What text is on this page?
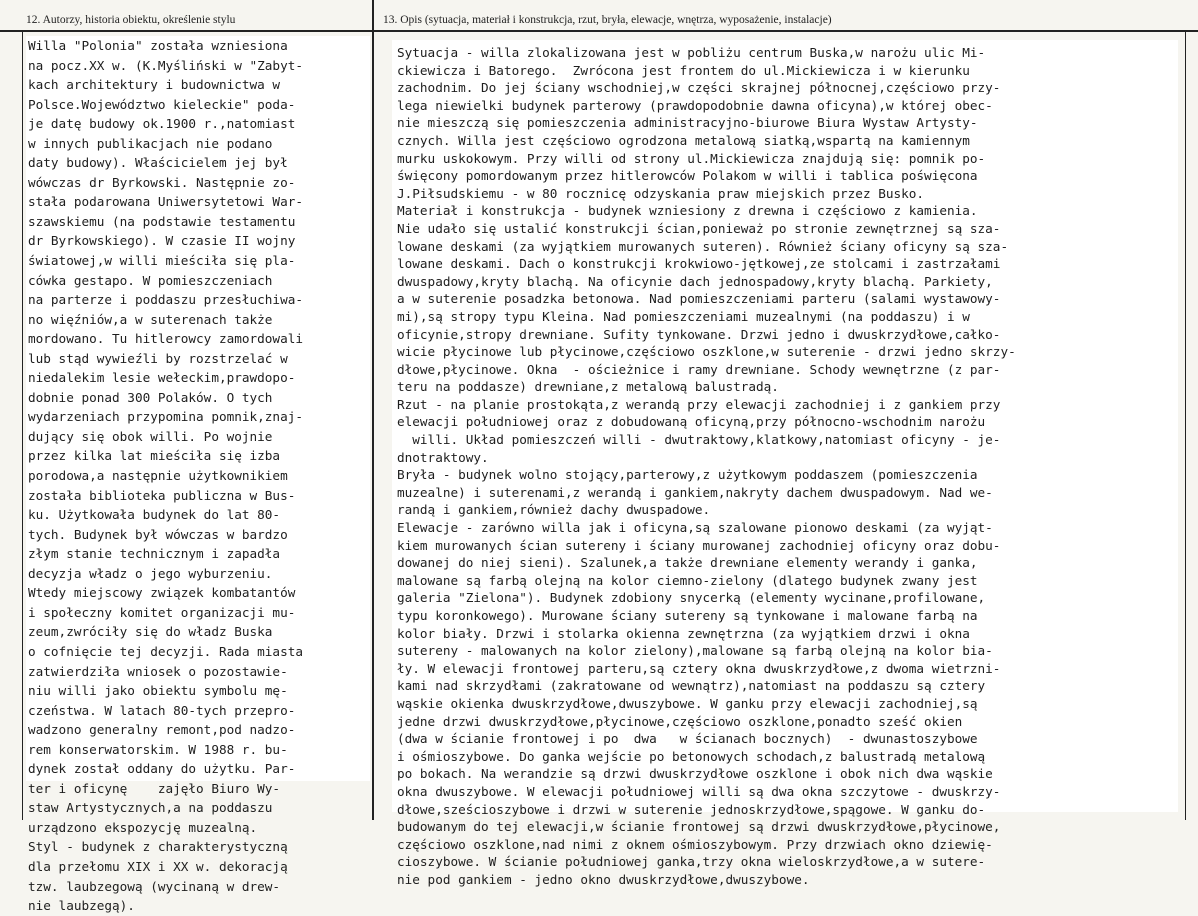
12. Autorzy, historia obiektu, określenie stylu	13. Opis (sytuacja, materiał i konstrukcja, rzut, bryła, elewacje, wnętrza, wyposażenie, instalacje)
Willa "Polonia" została wzniesiona
na pocz.XX w. (K.Myśliński w "Zabyt-
kach architektury i budownictwa w
Polsce.Województwo kieleckie" poda-
je datę budowy ok.1900 r.,natomiast
w innych publikacjach nie podano
daty budowy). Właścicielem jej był
wówczas dr Byrkowski. Następnie zo-
stała podarowana Uniwersytetowi War-
szawskiemu (na podstawie testamentu
dr Byrkowskiego). W czasie II wojny
światowej,w willi mieściła się pla-
cówka gestapo. W pomieszczeniach
na parterze i poddaszu przesłuchiwa-
no więźniów,a w suterenach także
mordowano. Tu hitlerowcy zamordowali
lub stąd wywieźli by rozstrzelać w
niedalekim lesie wełeckim,prawdopo-
dobnie ponad 300 Polaków. O tych
wydarzeniach przypomina pomnik,znaj-
dujący się obok willi. Po wojnie
przez kilka lat mieściła się izba
porodowa,a następnie użytkownikiem
została biblioteka publiczna w Bus-
ku. Użytkowała budynek do lat 80-
tych. Budynek był wówczas w bardzo
złym stanie technicznym i zapadła
decyzja władz o jego wyburzeniu.
Wtedy miejscowy związek kombatantów
i społeczny komitet organizacji mu-
zeum,zwróciły się do władz Buska
o cofnięcie tej decyzji. Rada miasta
zatwierdziła wniosek o pozostawie-
niu willi jako obiektu symbolu mę-
czeństwa. W latach 80-tych przepro-
wadzono generalny remont,pod nadzo-
rem konserwatorskim. W 1988 r. bu-
dynek został oddany do użytku. Par-
ter i oficynę    zajęło Biuro Wy-
staw Artystycznych,a na poddaszu
urządzono ekspozycję muzealną.
Styl - budynek z charakterystyczną
dla przełomu XIX i XX w. dekoracją
tzw. laubzegową (wycinaną w drew-
nie laubzegą).
Sytuacja - willa zlokalizowana jest w pobliżu centrum Buska,w narożu ulic Mi-
ckiewicza i Batorego.  Zwrócona jest frontem do ul.Mickiewicza i w kierunku
zachodnim. Do jej ściany wschodniej,w części skrajnej północnej,częściowo przy-
lega niewielki budynek parterowy (prawdopodobnie dawna oficyna),w której obec-
nie mieszczą się pomieszczenia administracyjno-biurowe Biura Wystaw Artysty-
cznych. Willa jest częściowo ogrodzona metalową siatką,wspartą na kamiennym
murku uskokowym. Przy willi od strony ul.Mickiewicza znajdują się: pomnik po-
święcony pomordowanym przez hitlerowców Polakom w willi i tablica poświęcona
J.Piłsudskiemu - w 80 rocznicę odzyskania praw miejskich przez Busko.
Materiał i konstrukcja - budynek wzniesiony z drewna i częściowo z kamienia.
Nie udało się ustalić konstrukcji ścian,ponieważ po stronie zewnętrznej są sza-
lowane deskami (za wyjątkiem murowanych suteren). Również ściany oficyny są sza-
lowane deskami. Dach o konstrukcji krokwiowo-jętkowej,ze stolcami i zastrzałami
dwuspadowy,kryty blachą. Na oficynie dach jednospadowy,kryty blachą. Parkiety,
a w suterenie posadzka betonowa. Nad pomieszczeniami parteru (salami wystawowy-
mi),są stropy typu Kleina. Nad pomieszczeniami muzealnymi (na poddaszu) i w
oficynie,stropy drewniane. Sufity tynkowane. Drzwi jedno i dwuskrzydłowe,całko-
wicie płycinowe lub płycinowe,częściowo oszklone,w suterenie - drzwi jedno skrzy-
dłowe,płycinowe. Okna  - ościeżnice i ramy drewniane. Schody wewnętrzne (z par-
teru na poddasze) drewniane,z metalową balustradą.
Rzut - na planie prostokąta,z werandą przy elewacji zachodniej i z gankiem przy
elewacji południowej oraz z dobudowaną oficyną,przy północno-wschodnim narożu
willi. Układ pomieszczeń willi - dwutraktowy,klatkowy,natomiast oficyny - je-
dnotraktowy.
Bryła - budynek wolno stojący,parterowy,z użytkowym poddaszem (pomieszczenia
muzealne) i suterenami,z werandą i gankiem,nakryty dachem dwuspadowym. Nad we-
randą i gankiem,również dachy dwuspadowe.
Elewacje - zarówno willa jak i oficyna,są szalowane pionowo deskami (za wyjąt-
kiem murowanych ścian sutereny i ściany murowanej zachodniej oficyny oraz dobu-
dowanej do niej sieni). Szalunek,a także drewniane elementy werandy i ganka,
malowane są farbą olejną na kolor ciemno-zielony (dlatego budynek zwany jest
galeria "Zielona"). Budynek zdobiony snycerką (elementy wycinane,profilowane,
typu koronkowego). Murowane ściany sutereny są tynkowane i malowane farbą na
kolor biały. Drzwi i stolarka okienna zewnętrzna (za wyjątkiem drzwi i okna
sutereny - malowanych na kolor zielony),malowane są farbą olejną na kolor bia-
ły. W elewacji frontowej parteru,są cztery okna dwuskrzydłowe,z dwoma wietrzni-
kami nad skrzydłami (zakratowane od wewnątrz),natomiast na poddaszu są cztery
wąskie okienka dwuskrzydłowe,dwuszybowe. W ganku przy elewacji zachodniej,są
jedne drzwi dwuskrzydłowe,płycinowe,częściowo oszklone,ponadto sześć okien
(dwa w ścianie frontowej i po  dwa   w ścianach bocznych)  - dwunastoszybowe
i ośmioszybowe. Do ganka wejście po betonowych schodach,z balustradą metalową
po bokach. Na werandzie są drzwi dwuskrzydłowe oszklone i obok nich dwa wąskie
okna dwuszybowe. W elewacji południowej willi są dwa okna szczytowe - dwuskrzy-
dłowe,sześcioszybowe i drzwi w suterenie jednoskrzydłowe,spągowe. W ganku do-
budowanym do tej elewacji,w ścianie frontowej są drzwi dwuskrzydłowe,płycinowe,
częściowo oszklone,nad nimi z oknem ośmioszybowym. Przy drzwiach okno dziewię-
cioszybowe. W ścianie południowej ganka,trzy okna wieloskrzydłowe,a w sutere-
nie pod gankiem - jedno okno dwuskrzydłowe,dwuszybowe.
